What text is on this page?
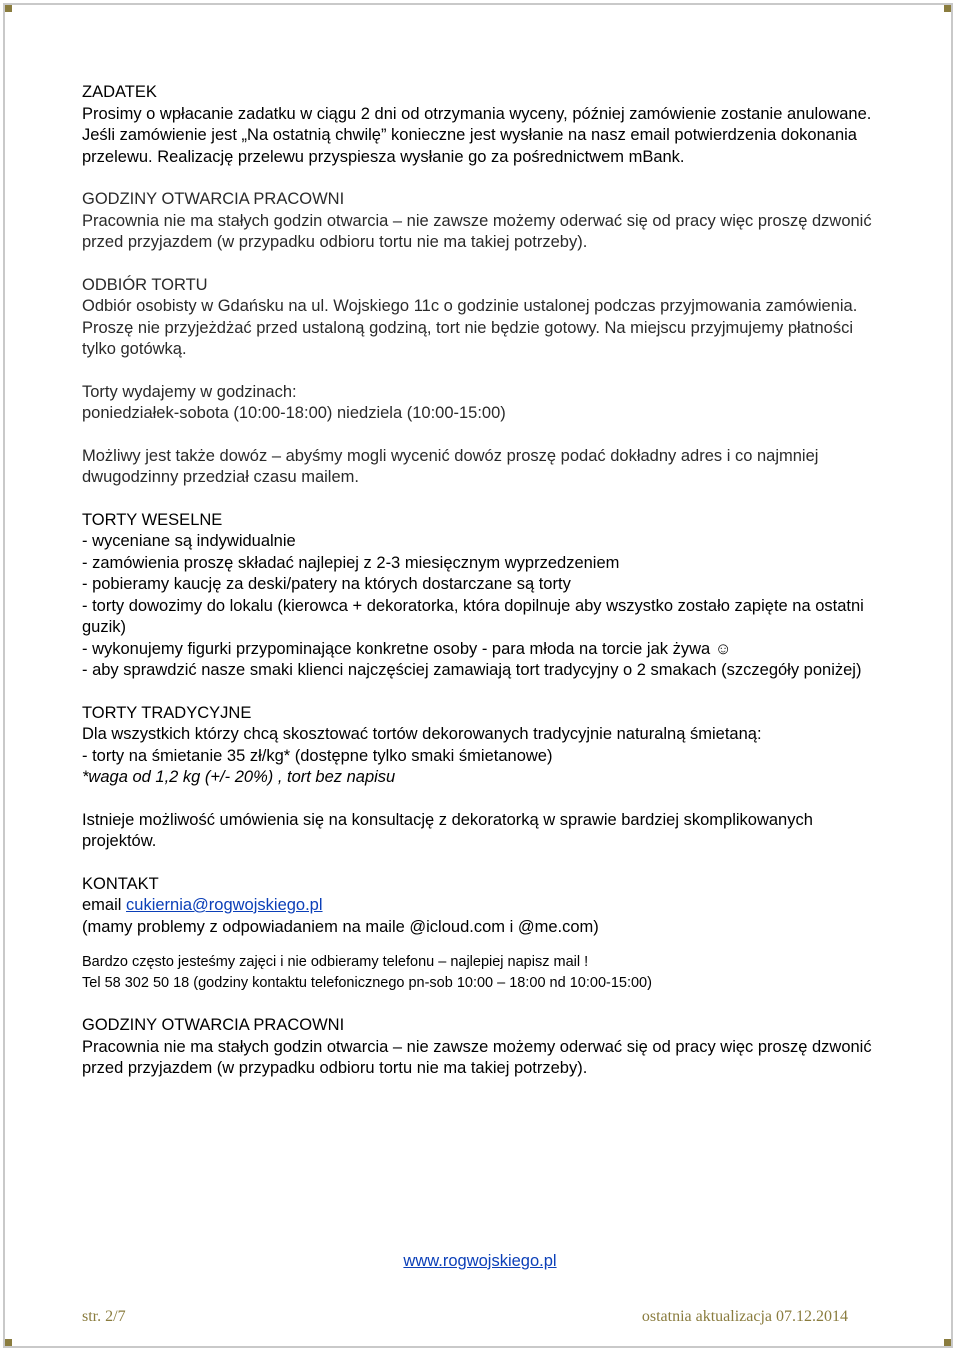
ZADATEK

Prosimy o wpłacanie zadatku w ciągu 2 dni od otrzymania wyceny, później zamówienie zostanie anulowane. Jeśli zamówienie jest „Na ostatnią chwilę” konieczne jest wysłanie na nasz email potwierdzenia dokonania przelewu. Realizację przelewu przyspiesza wysłanie go za pośrednictwem mBank.

GODZINY OTWARCIA PRACOWNI

Pracownia nie ma stałych godzin otwarcia – nie zawsze możemy oderwać się od pracy więc proszę dzwonić przed przyjazdem (w przypadku odbioru tortu nie ma takiej potrzeby).

ODBIÓR TORTU

Odbiór osobisty w Gdańsku na ul. Wojskiego 11c o godzinie ustalonej podczas przyjmowania zamówienia. Proszę nie przyjeżdżać przed ustaloną godziną, tort nie będzie gotowy. Na miejscu przyjmujemy płatności tylko gotówką.

Torty wydajemy w godzinach:

poniedziałek-sobota (10:00-18:00) niedziela (10:00-15:00)

Możliwy jest także dowóz – abyśmy mogli wycenić dowóz proszę podać dokładny adres i co najmniej dwugodzinny przedział czasu mailem.

TORTY WESELNE

- wyceniane są indywidualnie

- zamówienia proszę składać najlepiej z 2-3 miesięcznym wyprzedzeniem

- pobieramy kaucję za deski/patery na których dostarczane są torty

- torty dowozimy do lokalu (kierowca + dekoratorka, która dopilnuje aby wszystko zostało zapięte na ostatni guzik)

- wykonujemy figurki przypominające konkretne osoby - para młoda na torcie jak żywa ☺

- aby sprawdzić nasze smaki klienci najczęściej zamawiają tort tradycyjny o 2 smakach (szczegóły poniżej)

TORTY TRADYCYJNE

Dla wszystkich którzy chcą skosztować tortów dekorowanych tradycyjnie naturalną śmietaną:

- torty na śmietanie 35 zł/kg* (dostępne tylko smaki śmietanowe)

*waga od 1,2 kg (+/- 20%) , tort bez napisu

Istnieje możliwość umówienia się na konsultację z dekoratorką w sprawie bardziej skomplikowanych projektów.

KONTAKT

email cukiernia@rogwojskiego.pl

(mamy problemy z odpowiadaniem na maile @icloud.com i @me.com)

Bardzo często jesteśmy zajęci i nie odbieramy telefonu – najlepiej napisz mail !

Tel 58 302 50 18 (godziny kontaktu telefonicznego pn-sob 10:00 – 18:00 nd 10:00-15:00)

GODZINY OTWARCIA PRACOWNI

Pracownia nie ma stałych godzin otwarcia – nie zawsze możemy oderwać się od pracy więc proszę dzwonić przed przyjazdem (w przypadku odbioru tortu nie ma takiej potrzeby).

www.rogwojskiego.pl
str. 2/7	ostatnia aktualizacja 07.12.2014
